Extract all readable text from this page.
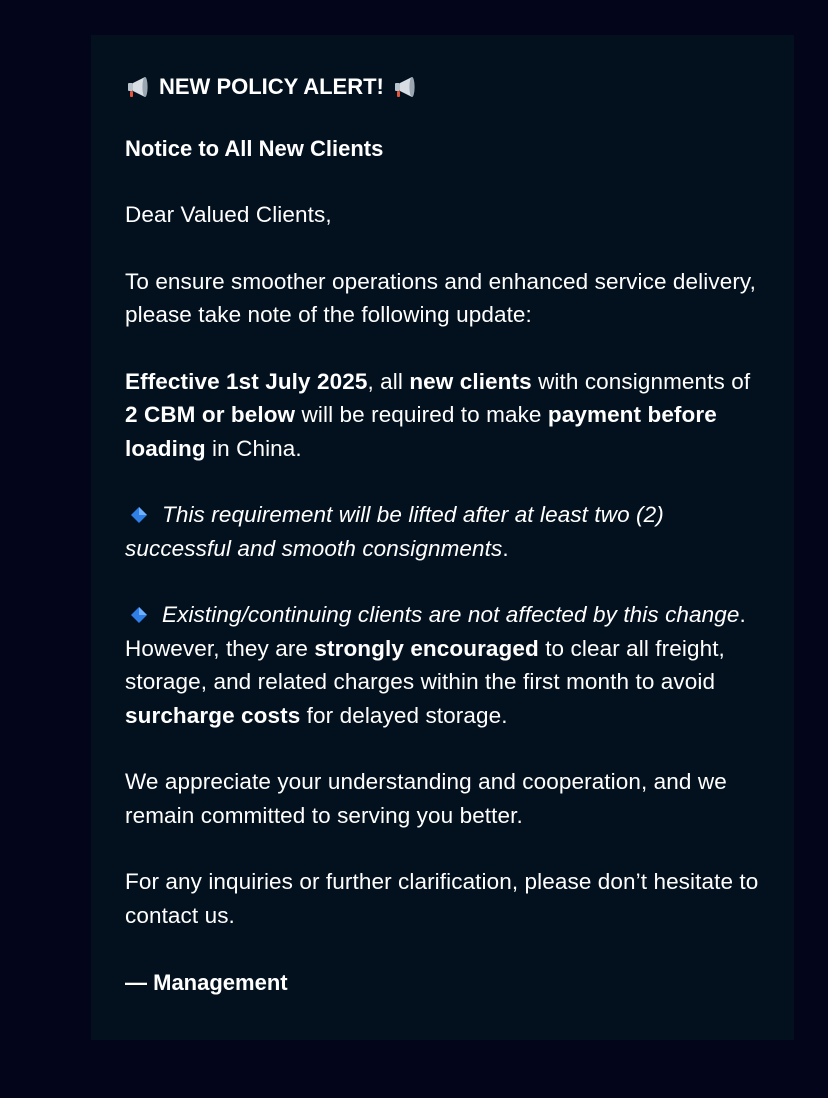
NEW POLICY ALERT!

Notice to All New Clients

Dear Valued Clients,

To ensure smoother operations and enhanced service delivery, please take note of the following update:

Effective 1st July 2025, all new clients with consignments of 2 CBM or below will be required to make payment before loading in China.

This requirement will be lifted after at least two (2) successful and smooth consignments.

Existing/continuing clients are not affected by this change. However, they are strongly encouraged to clear all freight, storage, and related charges within the first month to avoid surcharge costs for delayed storage.

We appreciate your understanding and cooperation, and we remain committed to serving you better.

For any inquiries or further clarification, please don’t hesitate to contact us.

— Management
